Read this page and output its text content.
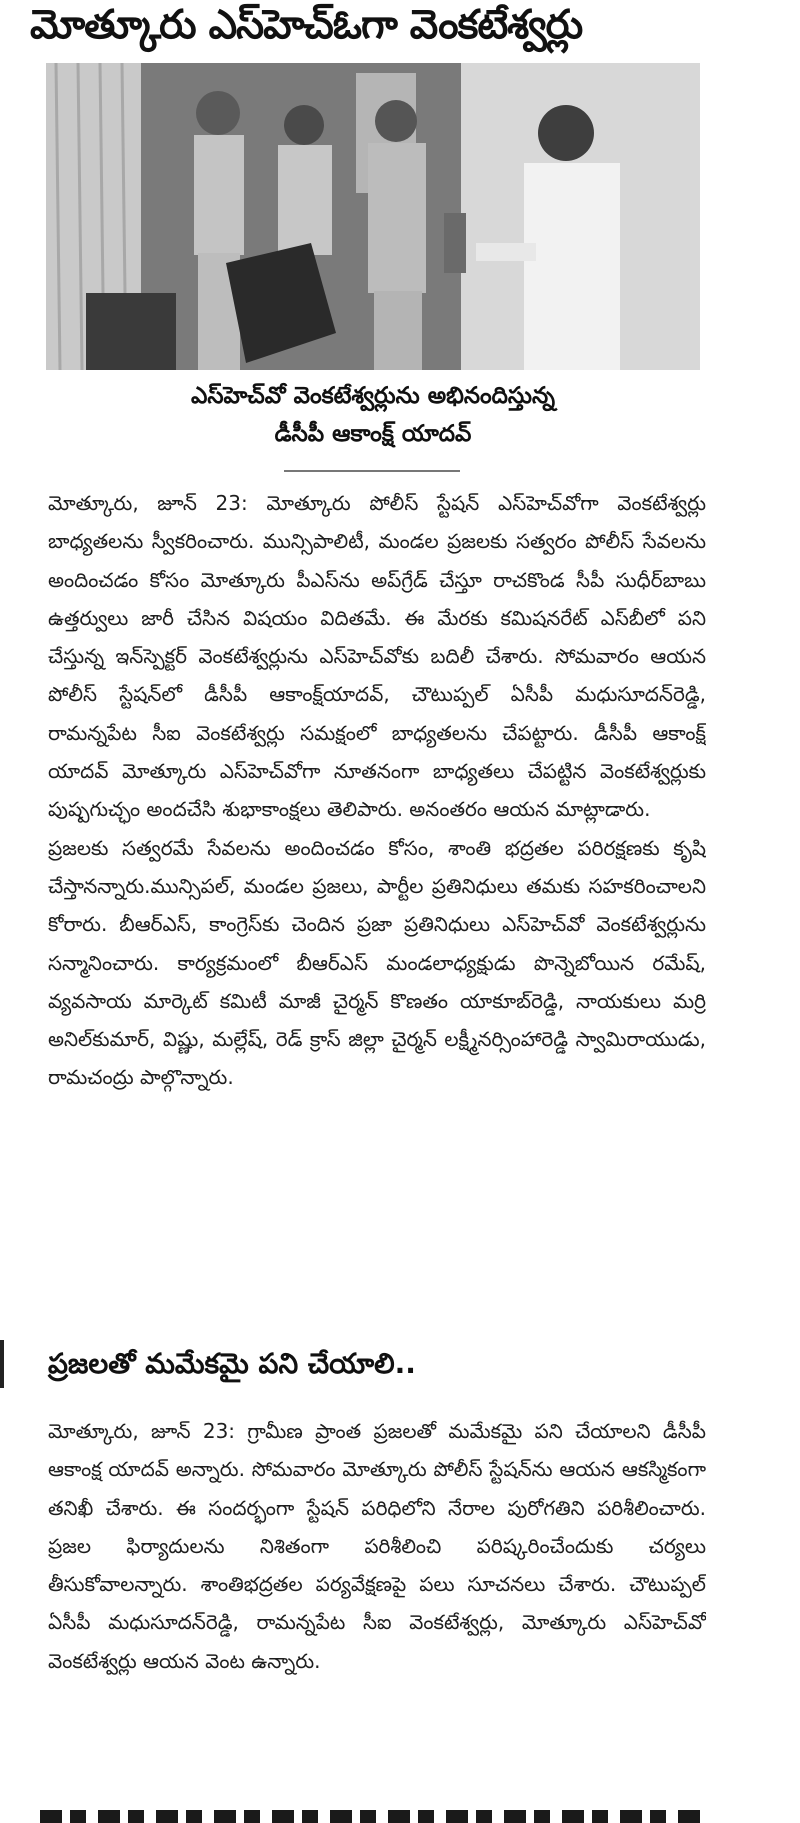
మోత్కూరు ఎస్‌హెచ్‌ఓగా వెంకటేశ్వర్లు
ఎస్‌హెచ్‌వో వెంకటేశ్వర్లును అభినందిస్తున్న
డీసీపీ ఆకాంక్ష్ యాదవ్

మోత్కూరు, జూన్ 23: మోత్కూరు పోలీస్ స్టేషన్ ఎస్‌హెచ్‌వోగా వెంకటేశ్వర్లు బాధ్యతలను స్వీకరించారు. మున్సిపాలిటీ, మండల ప్రజలకు సత్వరం పోలీస్ సేవలను అందించడం కోసం మోత్కూరు పీఎస్‌ను అప్‌గ్రేడ్ చేస్తూ రాచకొండ సీపీ సుధీర్‌బాబు ఉత్తర్వులు జారీ చేసిన విషయం విదితమే. ఈ మేరకు కమిషనరేట్ ఎస్‌బీలో పని చేస్తున్న ఇన్‌స్పెక్టర్ వెంకటేశ్వర్లును ఎస్‌హెచ్‌వోకు బదిలీ చేశారు. సోమవారం ఆయన పోలీస్ స్టేషన్‌లో డీసీపీ ఆకాంక్ష్‌యాదవ్, చౌటుప్పల్ ఏసీపీ మధుసూదన్‌రెడ్డి, రామన్నపేట సీఐ వెంకటేశ్వర్లు సమక్షంలో బాధ్యతలను చేపట్టారు. డీసీపీ ఆకాంక్ష్ యాదవ్ మోత్కూరు ఎస్‌హెచ్‌వోగా నూతనంగా బాధ్యతలు చేపట్టిన వెంకటేశ్వర్లుకు పుష్పగుచ్ఛం అందచేసి శుభాకాంక్షలు తెలిపారు. అనంతరం ఆయన మాట్లాడారు.

ప్రజలకు సత్వరమే సేవలను అందించడం కోసం, శాంతి భద్రతల పరిరక్షణకు కృషి చేస్తానన్నారు.మున్సిపల్, మండల ప్రజలు, పార్టీల ప్రతినిధులు తమకు సహకరించాలని కోరారు. బీఆర్ఎస్, కాంగ్రెస్‌కు చెందిన ప్రజా ప్రతినిధులు ఎస్‌హెచ్‌వో వెంకటేశ్వర్లును సన్మానించారు. కార్యక్రమంలో బీఆర్ఎస్ మండలాధ్యక్షుడు పొన్నెబోయిన రమేష్, వ్యవసాయ మార్కెట్ కమిటీ మాజీ చైర్మన్ కొణతం యాకూబ్‌రెడ్డి, నాయకులు మర్రి అనిల్‌కుమార్, విష్ణు, మల్లేష్, రెడ్ క్రాస్ జిల్లా చైర్మన్ లక్ష్మీనర్సింహారెడ్డి స్వామిరాయుడు, రామచంద్రు పాల్గొన్నారు.

ప్రజలతో మమేకమై పని చేయాలి..

మోత్కూరు, జూన్ 23: గ్రామీణ ప్రాంత ప్రజలతో మమేకమై పని చేయాలని డీసీపీ ఆకాంక్ష యాదవ్ అన్నారు. సోమవారం మోత్కూరు పోలీస్ స్టేషన్‌ను ఆయన ఆకస్మికంగా తనిఖీ చేశారు. ఈ సందర్భంగా స్టేషన్ పరిధిలోని నేరాల పురోగతిని పరిశీలించారు. ప్రజల ఫిర్యాదులను నిశితంగా పరిశీలించి పరిష్కరించేందుకు చర్యలు తీసుకోవాలన్నారు. శాంతిభద్రతల పర్యవేక్షణపై పలు సూచనలు చేశారు. చౌటుప్పల్ ఏసీపీ మధుసూదన్‌రెడ్డి, రామన్నపేట సీఐ వెంకటేశ్వర్లు, మోత్కూరు ఎస్‌హెచ్‌వో వెంకటేశ్వర్లు ఆయన వెంట ఉన్నారు.
